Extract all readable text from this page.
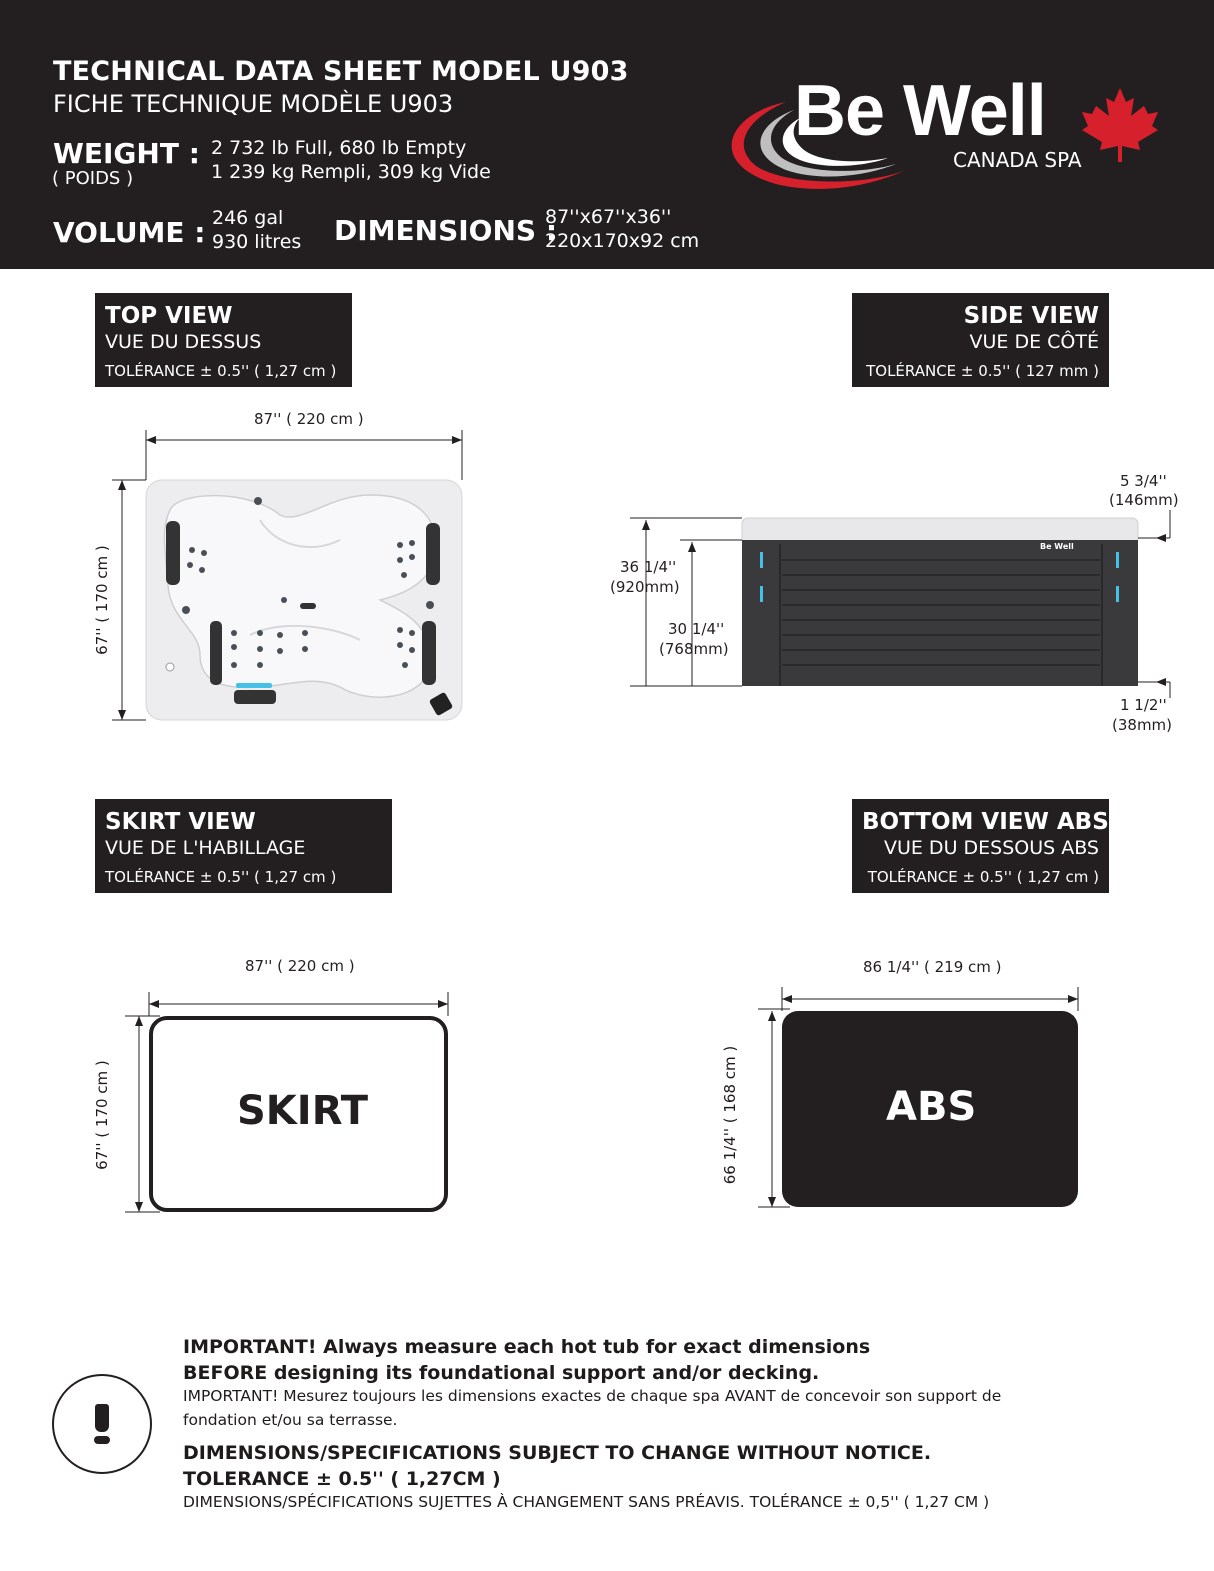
TECHNICAL DATA SHEET MODEL U903
FICHE TECHNIQUE MODÈLE U903
WEIGHT :
( POIDS )
2 732 lb Full, 680 lb Empty
1 239 kg Rempli, 309 kg Vide
VOLUME : 246 gal
930 litres DIMENSIONS :
87''x67''x36''
220x170x92 cm
Be Well
CANADA SPA
TOP VIEW
VUE DU DESSUS
TOLÉRANCE ± 0.5'' ( 1,27 cm )
SIDE VIEW
VUE DE CÔTÉ
TOLÉRANCE ± 0.5'' ( 127 mm )
SKIRT VIEW
VUE DE L'HABILLAGE
TOLÉRANCE ± 0.5'' ( 1,27 cm )
BOTTOM VIEW ABS
VUE DU DESSOUS ABS
TOLÉRANCE ± 0.5'' ( 1,27 cm )
87'' ( 220 cm )
67'' ( 170 cm )	Be Well
36 1/4''
(920mm)
30 1/4''
(768mm)
5 3/4''
(146mm)
1 1/2''
(38mm)
87'' ( 220 cm )
67'' ( 170 cm )	SKIRT
86 1/4'' ( 219 cm )
66 1/4'' ( 168 cm )	ABS
IMPORTANT! Always measure each hot tub for exact dimensions
BEFORE designing its foundational support and/or decking.
IMPORTANT! Mesurez toujours les dimensions exactes de chaque spa AVANT de concevoir son support de
fondation et/ou sa terrasse.
DIMENSIONS/SPECIFICATIONS SUBJECT TO CHANGE WITHOUT NOTICE.
TOLERANCE ± 0.5'' ( 1,27CM )
DIMENSIONS/SPÉCIFICATIONS SUJETTES À CHANGEMENT SANS PRÉAVIS. TOLÉRANCE ± 0,5'' ( 1,27 CM )
